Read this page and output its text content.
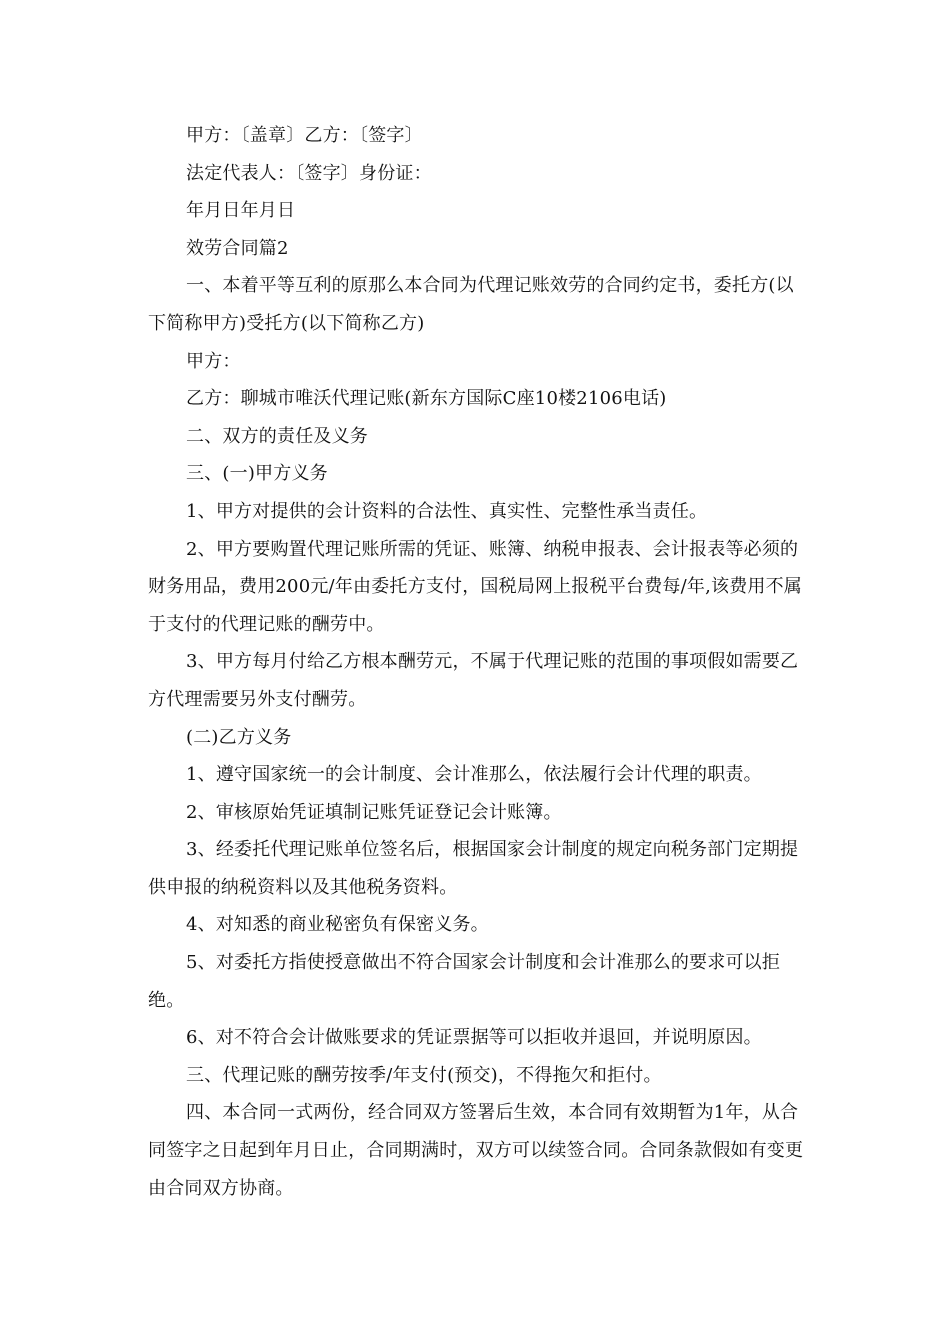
甲方：〔盖章〕乙方：〔签字〕

法定代表人：〔签字〕身份证：

年月日年月日

效劳合同篇2

一、本着平等互利的原那么本合同为代理记账效劳的合同约定书，委托方(以下简称甲方)受托方(以下简称乙方)

甲方：

乙方：聊城市唯沃代理记账(新东方国际C座10楼2106电话)

二、双方的责任及义务

三、(一)甲方义务

1、甲方对提供的会计资料的合法性、真实性、完整性承当责任。

2、甲方要购置代理记账所需的凭证、账簿、纳税申报表、会计报表等必须的财务用品，费用200元/年由委托方支付，国税局网上报税平台费每/年,该费用不属于支付的代理记账的酬劳中。

3、甲方每月付给乙方根本酬劳元，不属于代理记账的范围的事项假如需要乙方代理需要另外支付酬劳。

(二)乙方义务

1、遵守国家统一的会计制度、会计准那么，依法履行会计代理的职责。

2、审核原始凭证填制记账凭证登记会计账簿。

3、经委托代理记账单位签名后，根据国家会计制度的规定向税务部门定期提供申报的纳税资料以及其他税务资料。

4、对知悉的商业秘密负有保密义务。

5、对委托方指使授意做出不符合国家会计制度和会计准那么的要求可以拒绝。

6、对不符合会计做账要求的凭证票据等可以拒收并退回，并说明原因。

三、代理记账的酬劳按季/年支付(预交)，不得拖欠和拒付。

四、本合同一式两份，经合同双方签署后生效，本合同有效期暂为1年，从合同签字之日起到年月日止，合同期满时，双方可以续签合同。合同条款假如有变更由合同双方协商。
